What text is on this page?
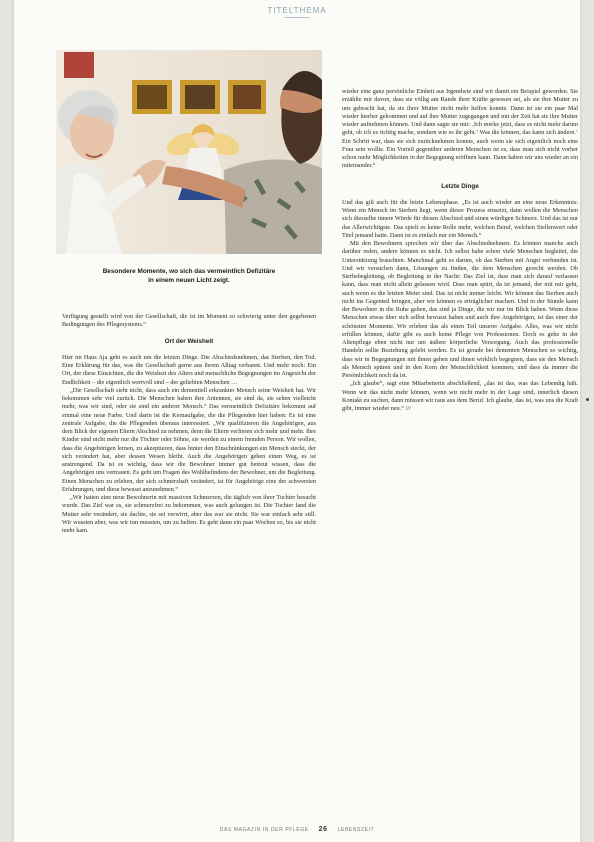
TITELTHEMA
Besondere Momente, wo sich das vermeintlich Defizitäre
in einem neuen Licht zeigt.

Verfügung gestellt wird von der Gesellschaft, die ist im Moment so schwierig unter den gegebenen Bedingungen des Pflegesystems.“

Ort der Weisheit

Hier im Haus Aja geht es auch um die letzten Dinge. Die Abschiedsnehmen, das Sterben, den Tod. Eine Erklärung für das, was die Gesellschaft gerne aus ihrem Alltag verbannt. Und mehr noch: Ein Ort, der diese Einsichten, die die Weisheit des Alters und menschliche Begegnungen im Angesicht der Endlichkeit – die eigentlich wertvoll sind – der geliebten Menschen …

„Die Gesellschaft sieht nicht, dass auch ein dementiell erkrankter Mensch seine Weisheit hat. Wir bekommen sehr viel zurück. Die Menschen haben ihre Antennen, sie sind da, sie sehen vielleicht mehr, was wir sind, oder sie sind ein anderer Mensch.“ Das vermeintlich Defizitäre bekommt auf einmal eine neue Farbe. Und darin ist die Kernaufgabe, die die Pflegenden hier haben: Es ist eine zentrale Aufgabe, die die Pflegenden überaus interessiert. „Wir qualifizieren die Angehörigen, aus dem Blick der eigenen Eltern Abschied zu nehmen, denn die Eltern verlieren sich mehr und mehr. Ihre Kinder sind nicht mehr nur die Töchter oder Söhne, sie werden zu einem fremden Person. Wir wollen, dass die Angehörigen lernen, zu akzeptieren, dass hinter den Einschränkungen ein Mensch steckt, der sich verändert hat, aber dessen Wesen bleibt. Auch die Angehörigen gehen einen Weg, es ist anstrengend. Da ist es wichtig, dass wir die Bewohner immer gut betreut wissen, dass die Angehörigen uns vertrauen. Es geht um Fragen des Wohlbefindens der Bewohner, um die Begleitung. Einen Menschen zu erleben, der sich schmerzhaft verändert, ist für Angehörige eine der schwersten Erfahrungen, und diese bewusst anzunehmen.“

„Wir hatten eine neue Bewohnerin mit massiven Schmerzen, die täglich von ihrer Tochter besucht wurde. Das Ziel war es, sie schmerzfrei zu bekommen, was auch gelungen ist. Die Tochter fand die Mutter sehr verändert, sie dachte, sie sei verwirrt, aber das war sie nicht. Sie war einfach sehr still. Wir wussten aber, was wir tun mussten, um zu helfen. Es geht dann ein paar Wochen so, bis sie nicht mehr kam.

wieder eine ganz persönliche Einheit aus Irgendwie sind wir damit ein Beispiel geworden. Sie erzählte mir davon, dass sie völlig am Rande ihrer Kräfte gewesen sei, als sie ihre Mutter zu uns gebracht hat, da sie ihrer Mutter nicht mehr helfen konnte. Dann ist sie ein paar Mal wieder hierher gekommen und auf ihre Mutter zugegangen und mit der Zeit hat sie ihre Mutter wieder aufnehmen können. Und dann sagte sie mir: ‚Ich merke jetzt, dass es nicht mehr darum geht, ob ich es richtig mache, sondern wie es ihr geht.‘ Was die können, das kann sich ändern.‘ Ein Schritt war, dass sie sich zurücknehmen konnte, auch wenn sie sich eigentlich noch eine Frau sein wollte. Ein Vorteil gegenüber anderen Menschen ist es, dass man sich nicht vorher schon mehr Möglichkeiten in der Begegnung eröffnen kann. Dann haben wir uns wieder an ein miteinander.“

Letzte Dinge

Und das gilt auch für die letzte Lebensphase. „Es ist auch wieder an eine neue Erkenntnis: Wenn ein Mensch im Sterben liegt, wenn dieser Prozess einsetzt, dann wollen die Menschen sich diesselbe innere Würde für diesen Abschied und einen würdigen Schmerz. Und das ist nur das Allerwichtigste. Das spielt es keine Rolle mehr, welchen Beruf, welchen Stellenwert oder Titel jemand hatte. Dann ist es einfach nur ein Mensch.“

Mit den Bewohnern sprechen wir über das Abschiednehmen. Es können manche auch darüber reden, andere können es nicht. Ich selbst habe schon viele Menschen begleitet, die Unterstützung brauchten. Manchmal geht es darum, ob das Sterben mit Angst verbunden ist. Und wir versuchen dann, Lösungen zu finden, die dem Menschen gerecht werden. Ob Sterbebegleitung, ob Begleitung in der Nacht: Das Ziel ist, dass man sich darauf verlassen kann, dass man nicht allein gelassen wird. Dass man spürt, da ist jemand, der mit mir geht, auch wenn es die letzten Meter sind. Das ist nicht immer leicht. Wir können das Sterben auch nicht ins Gegenteil bringen, aber wir können es erträglicher machen. Und in der Stunde kann der Bewohner in die Ruhe gehen, das sind ja Dinge, die wir nur im Blick haben. Wenn diese Menschen etwas über sich selbst bewusst haben und auch ihre Angehörigen, ist das einer der schönsten Momente. Wir erleben das als einen Teil unserer Aufgabe. Alles, was wir nicht erfüllen können, dafür gibt es auch keine Pflege von Professionen. Doch es gehe in der Altenpflege eben nicht nur um äußere körperliche Versorgung. Auch das professionelle Handeln sollte Beziehung gelebt werden. Es ist gerade bei dementen Menschen so wichtig, dass wir in Begegnungen mit ihnen gehen und ihnen wirklich begegnen, dass sie den Mensch als Mensch spüren und in den Kern der Menschlichkeit kommen, und dass da immer die Persönlichkeit noch da ist.

„Ich glaube“, sagt eine Mitarbeiterin abschließend, „das ist das, was das Lebendig hält. Wenn wir das nicht mehr können, wenn wir nicht mehr in der Lage sind, innerlich diesen Kontakt zu suchen, dann müssen wir raus aus dem Beruf. Ich glaube, das ist, was uns die Kraft gibt, immer wieder neu.“ ///

DAS MAGAZIN IN DER PFLEGE 26 LEBENSZEIT
